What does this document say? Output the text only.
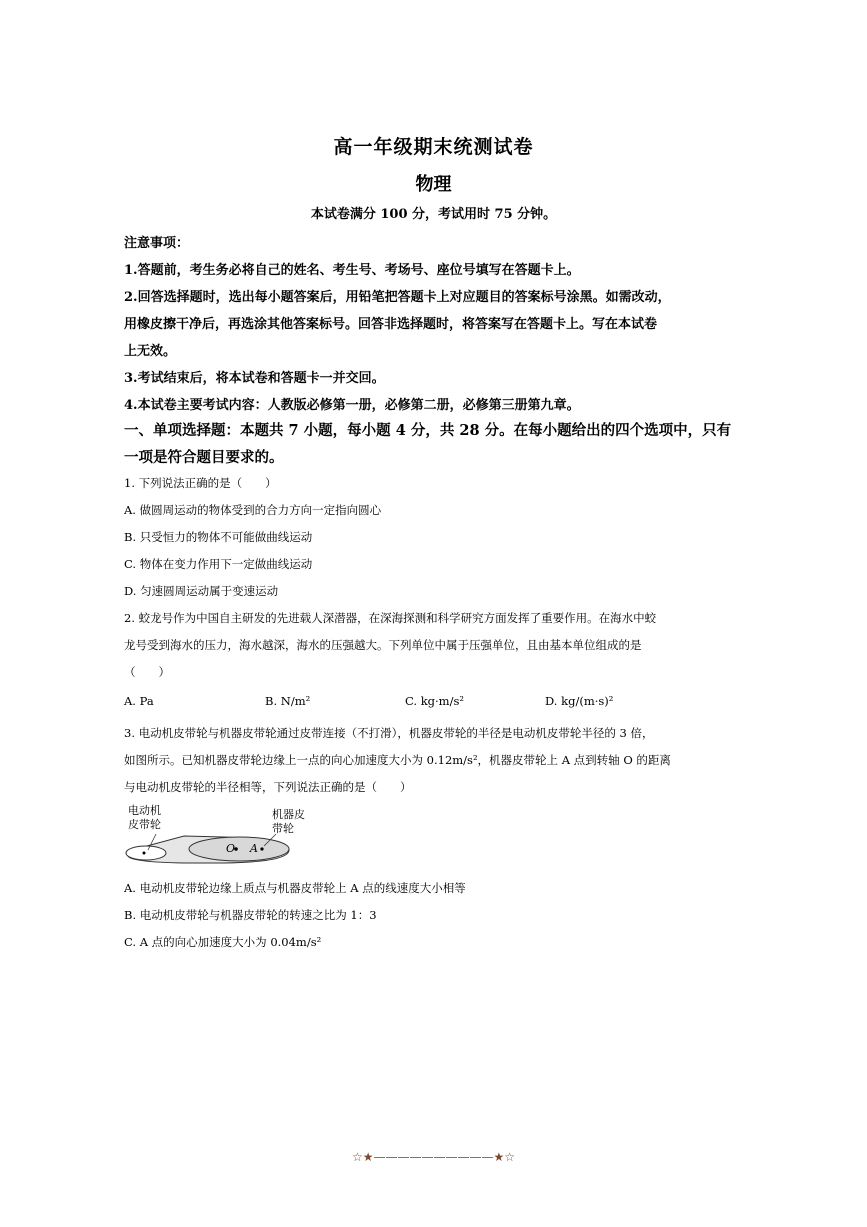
高一年级期末统测试卷
物理
本试卷满分 100 分，考试用时 75 分钟。
注意事项：
1.答题前，考生务必将自己的姓名、考生号、考场号、座位号填写在答题卡上。
2.回答选择题时，选出每小题答案后，用铅笔把答题卡上对应题目的答案标号涂黑。如需改动，
用橡皮擦干净后，再选涂其他答案标号。回答非选择题时，将答案写在答题卡上。写在本试卷
上无效。
3.考试结束后，将本试卷和答题卡一并交回。
4.本试卷主要考试内容：人教版必修第一册，必修第二册，必修第三册第九章。
一、单项选择题：本题共 7 小题，每小题 4 分，共 28 分。在每小题给出的四个选项中，只有
一项是符合题目要求的。
1. 下列说法正确的是（　　）
A. 做圆周运动的物体受到的合力方向一定指向圆心
B. 只受恒力的物体不可能做曲线运动
C. 物体在变力作用下一定做曲线运动
D. 匀速圆周运动属于变速运动
2. 蛟龙号作为中国自主研发的先进载人深潜器，在深海探测和科学研究方面发挥了重要作用。在海水中蛟
龙号受到海水的压力，海水越深，海水的压强越大。下列单位中属于压强单位，且由基本单位组成的是
（　　）
A. Pa	B. N/m²	C. kg·m/s²	D. kg/(m·s)²
3. 电动机皮带轮与机器皮带轮通过皮带连接（不打滑），机器皮带轮的半径是电动机皮带轮半径的 3 倍，
如图所示。已知机器皮带轮边缘上一点的向心加速度大小为 0.12m/s²，机器皮带轮上 A 点到转轴 O 的距离
与电动机皮带轮的半径相等，下列说法正确的是（　　）
电动机
皮带轮
机器皮
带轮
O A
A. 电动机皮带轮边缘上质点与机器皮带轮上 A 点的线速度大小相等
B. 电动机皮带轮与机器皮带轮的转速之比为 1：3
C. A 点的向心加速度大小为 0.04m/s²
☆★——————————★☆
